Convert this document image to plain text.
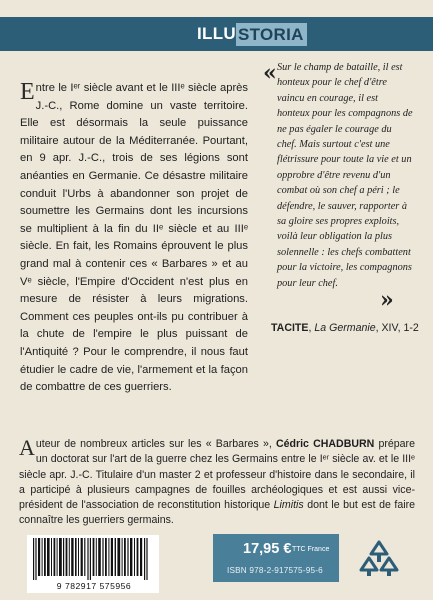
ILLU STORIA
Entre le Iᵉʳ siècle avant et le IIIᵉ siècle après J.-C., Rome domine un vaste territoire. Elle est désormais la seule puissance militaire autour de la Méditerranée. Pourtant, en 9 apr. J.-C., trois de ses légions sont anéanties en Germanie. Ce désastre militaire conduit l'Urbs à abandonner son projet de soumettre les Germains dont les incursions se multiplient à la fin du IIᵉ siècle et au IIIᵉ siècle. En fait, les Romains éprouvent le plus grand mal à contenir ces « Barbares » et au Vᵉ siècle, l'Empire d'Occident n'est plus en mesure de résister à leurs migrations. Comment ces peuples ont-ils pu contribuer à la chute de l'empire le plus puissant de l'Antiquité ? Pour le comprendre, il nous faut étudier le cadre de vie, l'armement et la façon de combattre de ces guerriers.
« Sur le champ de bataille, il est honteux pour le chef d'être vaincu en courage, il est honteux pour les compagnons de ne pas égaler le courage du chef. Mais surtout c'est une flétrissure pour toute la vie et un opprobre d'être revenu d'un combat où son chef a péri ; le défendre, le sauver, rapporter à sa gloire ses propres exploits, voilà leur obligation la plus solennelle : les chefs combattent pour la victoire, les compagnons pour leur chef.
»
TACITE, La Germanie, XIV, 1-2
Auteur de nombreux articles sur les « Barbares », Cédric CHADBURN prépare un doctorat sur l'art de la guerre chez les Germains entre le Iᵉʳ siècle av. et le IIIᵉ siècle apr. J.-C. Titulaire d'un master 2 et professeur d'histoire dans le secondaire, il a participé à plusieurs campagnes de fouilles archéologiques et est aussi vice-président de l'association de reconstitution historique Limitis dont le but est de faire connaître les guerriers germains.
9 782917 575956
17,95 € TTC France
ISBN 978-2-917575-95-6
